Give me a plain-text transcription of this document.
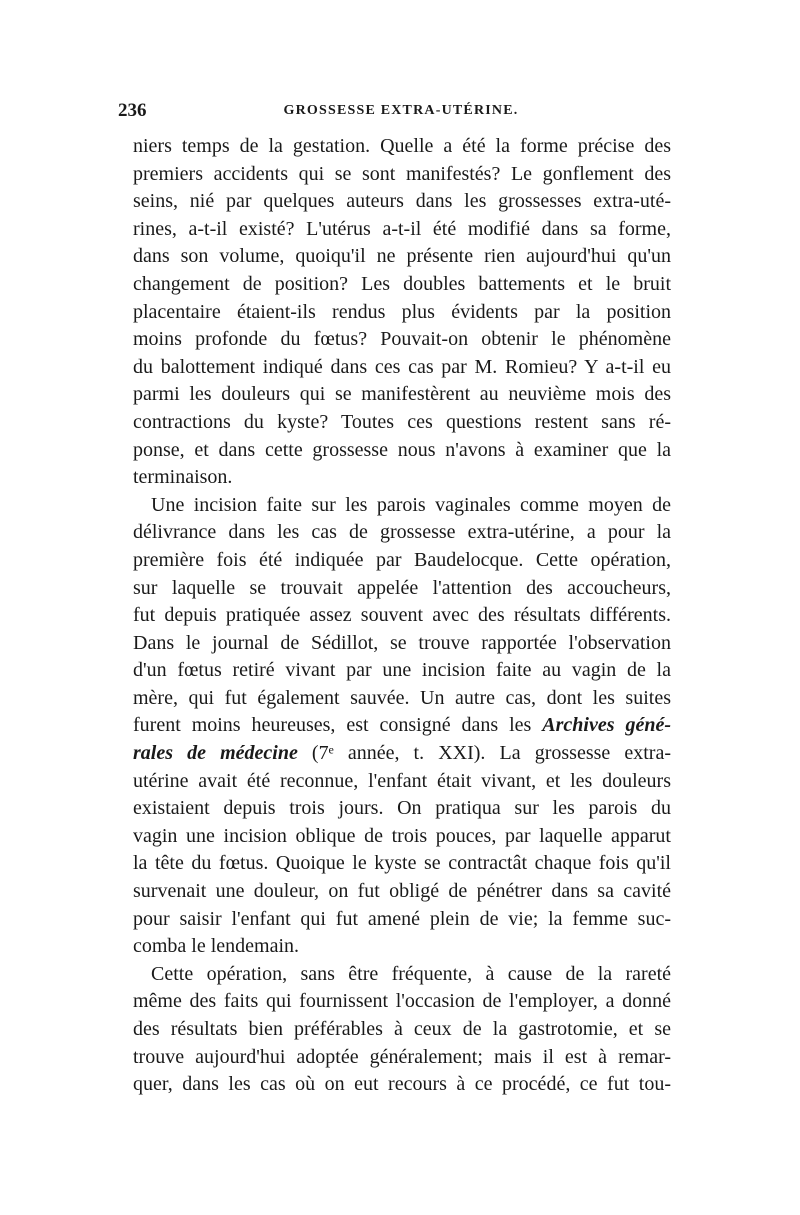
236	GROSSESSE EXTRA-UTÉRINE.
niers temps de la gestation. Quelle a été la forme précise des
premiers accidents qui se sont manifestés? Le gonflement des
seins, nié par quelques auteurs dans les grossesses extra-uté-
rines, a-t-il existé? L'utérus a-t-il été modifié dans sa forme,
dans son volume, quoiqu'il ne présente rien aujourd'hui qu'un
changement de position? Les doubles battements et le bruit
placentaire étaient-ils rendus plus évidents par la position
moins profonde du fœtus? Pouvait-on obtenir le phénomène
du balottement indiqué dans ces cas par M. Romieu? Y a-t-il eu
parmi les douleurs qui se manifestèrent au neuvième mois des
contractions du kyste? Toutes ces questions restent sans ré-
ponse, et dans cette grossesse nous n'avons à examiner que la
terminaison.
Une incision faite sur les parois vaginales comme moyen de
délivrance dans les cas de grossesse extra-utérine, a pour la
première fois été indiquée par Baudelocque. Cette opération,
sur laquelle se trouvait appelée l'attention des accoucheurs,
fut depuis pratiquée assez souvent avec des résultats différents.
Dans le journal de Sédillot, se trouve rapportée l'observation
d'un fœtus retiré vivant par une incision faite au vagin de la
mère, qui fut également sauvée. Un autre cas, dont les suites
furent moins heureuses, est consigné dans les Archives géné-
rales de médecine (7ᵉ année, t. XXI). La grossesse extra-
utérine avait été reconnue, l'enfant était vivant, et les douleurs
existaient depuis trois jours. On pratiqua sur les parois du
vagin une incision oblique de trois pouces, par laquelle apparut
la tête du fœtus. Quoique le kyste se contractât chaque fois qu'il
survenait une douleur, on fut obligé de pénétrer dans sa cavité
pour saisir l'enfant qui fut amené plein de vie; la femme suc-
comba le lendemain.
Cette opération, sans être fréquente, à cause de la rareté
même des faits qui fournissent l'occasion de l'employer, a donné
des résultats bien préférables à ceux de la gastrotomie, et se
trouve aujourd'hui adoptée généralement; mais il est à remar-
quer, dans les cas où on eut recours à ce procédé, ce fut tou-
